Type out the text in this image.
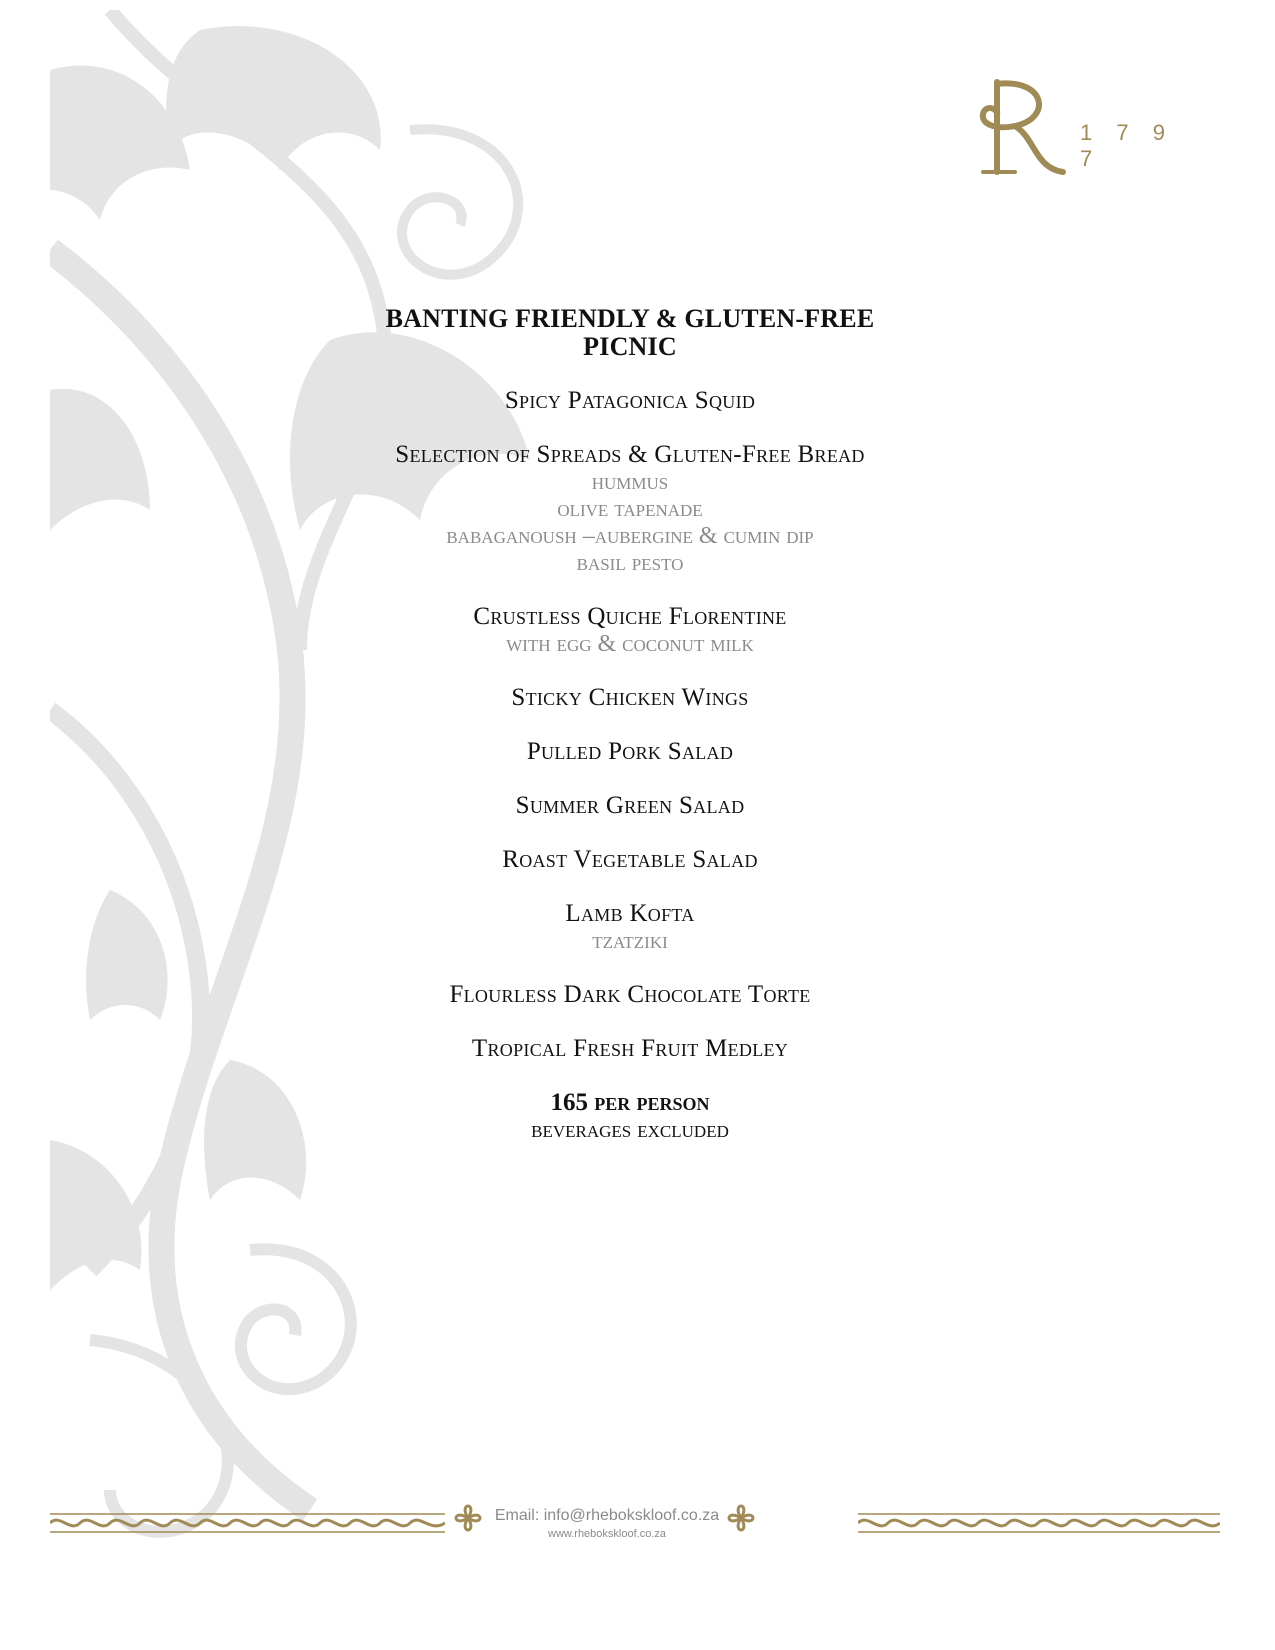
1 7 9 7
BANTING FRIENDLY & GLUTEN-FREE
PICNIC
Spicy Patagonica Squid
Selection of Spreads & Gluten-Free Bread
hummus
olive tapenade
babaganoush –aubergine & cumin dip
basil pesto
Crustless Quiche Florentine
with egg & coconut milk
Sticky Chicken Wings
Pulled Pork Salad
Summer Green Salad
Roast Vegetable Salad
Lamb Kofta
tzatziki
Flourless Dark Chocolate Torte
Tropical Fresh Fruit Medley
165 per person
beverages excluded
Email: info@rhebokskloof.co.za
www.rhebokskloof.co.za
